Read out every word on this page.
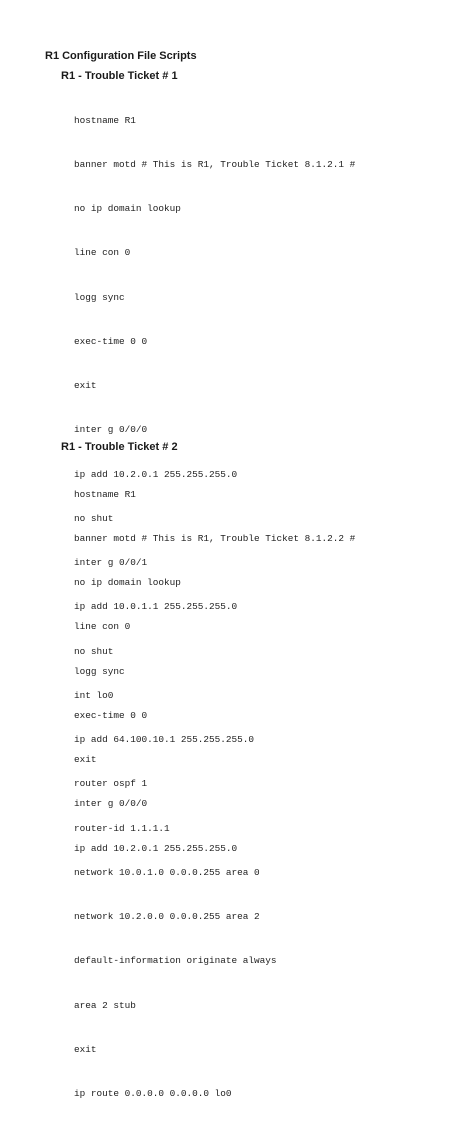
R1 Configuration File Scripts
R1 - Trouble Ticket # 1

hostname R1

banner motd # This is R1, Trouble Ticket 8.1.2.1 #

no ip domain lookup

line con 0

logg sync

exec-time 0 0

exit

inter g 0/0/0

ip add 10.2.0.1 255.255.255.0

no shut

inter g 0/0/1

ip add 10.0.1.1 255.255.255.0

no shut

int lo0

ip add 64.100.10.1 255.255.255.0

router ospf 1

router-id 1.1.1.1

network 10.0.1.0 0.0.0.255 area 0

network 10.2.0.0 0.0.0.255 area 2

default-information originate always

area 2 stub

exit

ip route 0.0.0.0 0.0.0.0 lo0

R1 - Trouble Ticket # 2

hostname R1

banner motd # This is R1, Trouble Ticket 8.1.2.2 #

no ip domain lookup

line con 0

logg sync

exec-time 0 0

exit

inter g 0/0/0

ip add 10.2.0.1 255.255.255.0
